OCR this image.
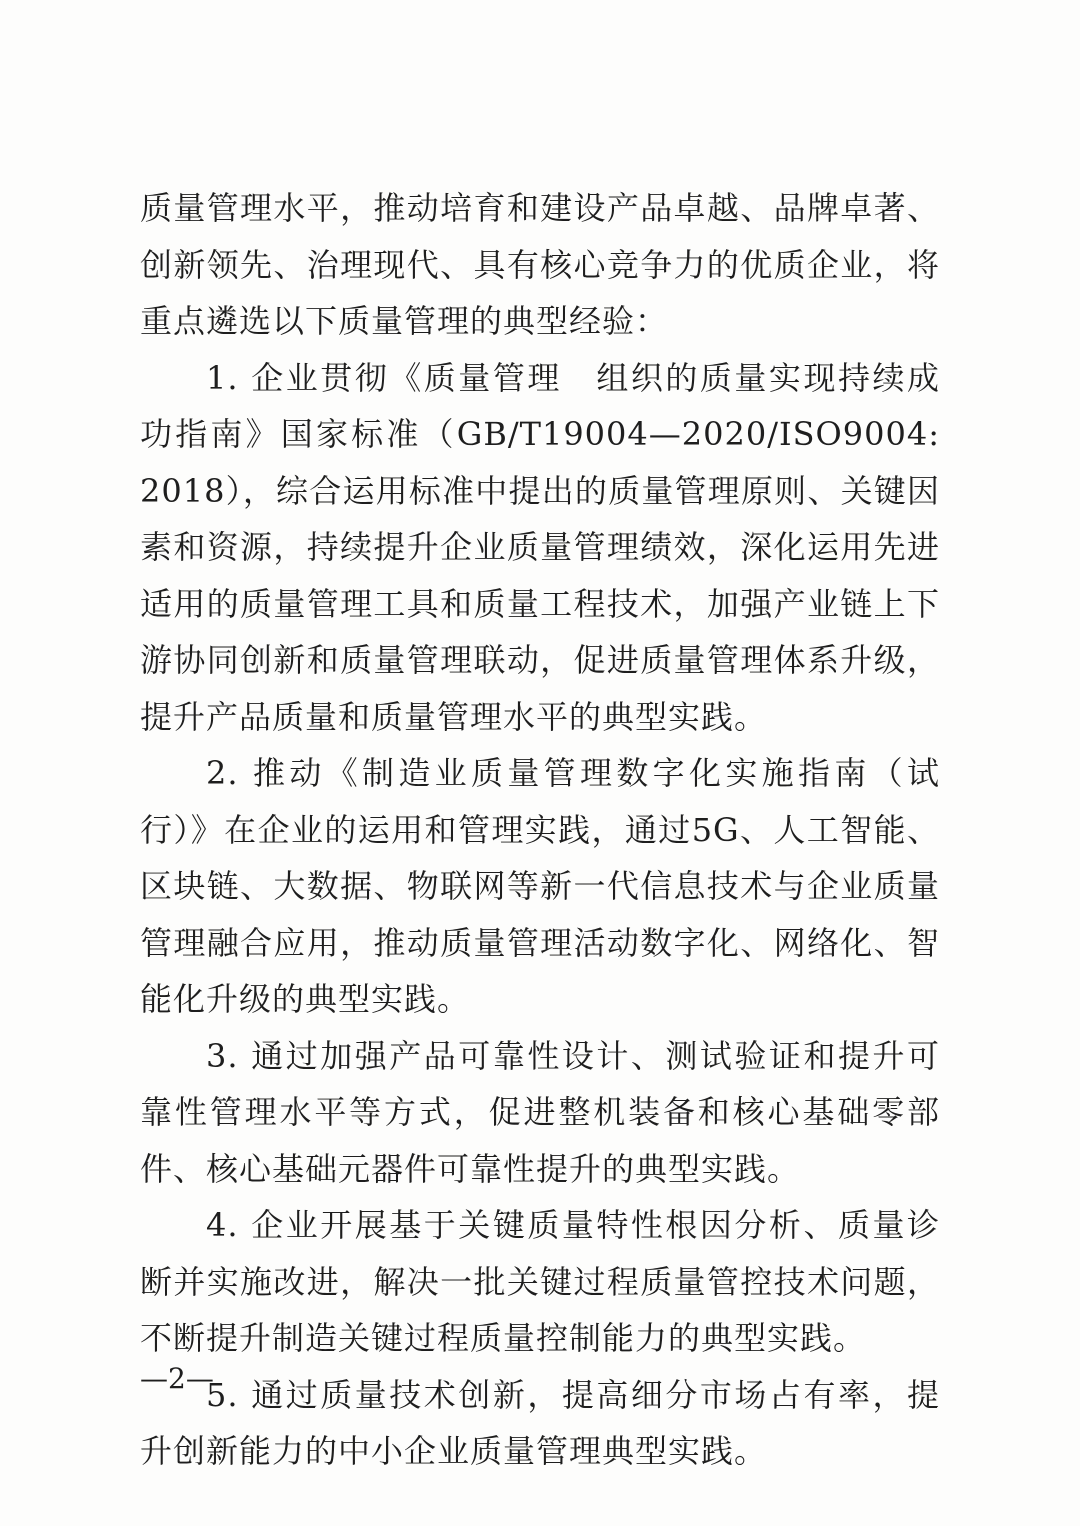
质量管理水平，推动培育和建设产品卓越、品牌卓著、创新领先、治理现代、具有核心竞争力的优质企业，将重点遴选以下质量管理的典型经验：

1. 企业贯彻《质量管理　组织的质量实现持续成功指南》国家标准（GB/T19004—2020/ISO9004:2018），综合运用标准中提出的质量管理原则、关键因素和资源，持续提升企业质量管理绩效，深化运用先进适用的质量管理工具和质量工程技术，加强产业链上下游协同创新和质量管理联动，促进质量管理体系升级，提升产品质量和质量管理水平的典型实践。

2. 推动《制造业质量管理数字化实施指南（试行）》在企业的运用和管理实践，通过5G、人工智能、区块链、大数据、物联网等新一代信息技术与企业质量管理融合应用，推动质量管理活动数字化、网络化、智能化升级的典型实践。

3. 通过加强产品可靠性设计、测试验证和提升可靠性管理水平等方式，促进整机装备和核心基础零部件、核心基础元器件可靠性提升的典型实践。

4. 企业开展基于关键质量特性根因分析、质量诊断并实施改进，解决一批关键过程质量管控技术问题，不断提升制造关键过程质量控制能力的典型实践。

5. 通过质量技术创新，提高细分市场占有率，提升创新能力的中小企业质量管理典型实践。

—2—
